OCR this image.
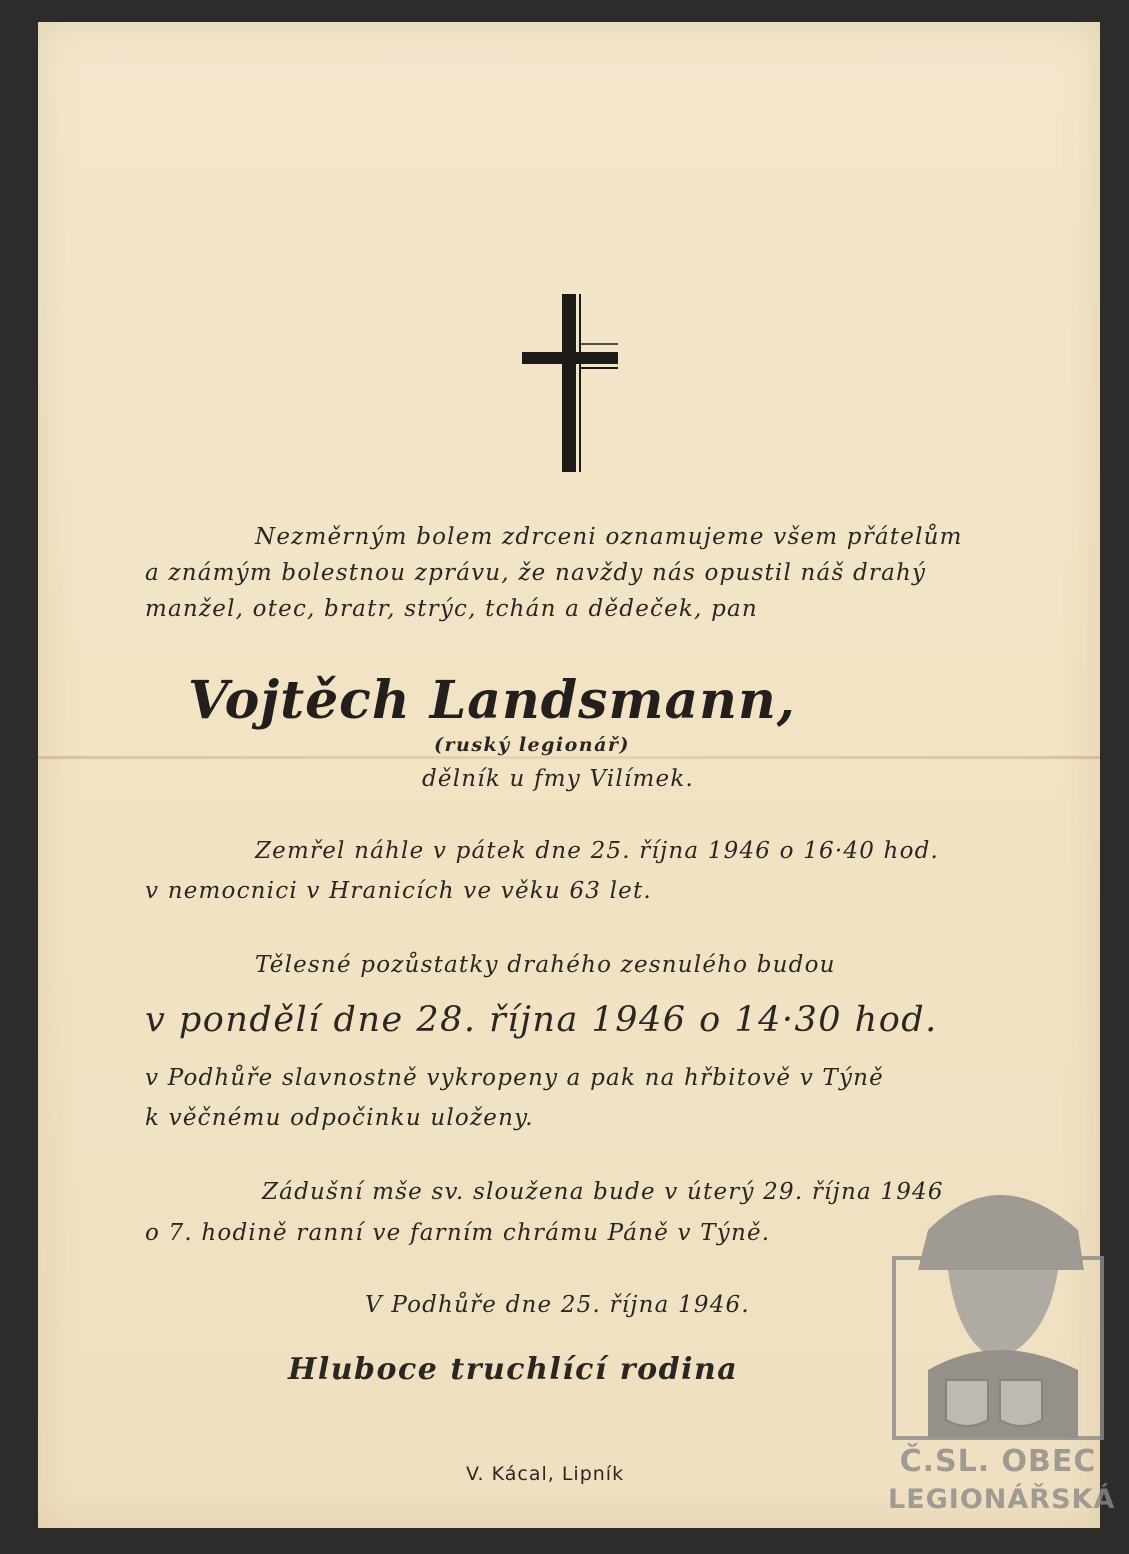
Nezměrným bolem zdrceni oznamujeme všem přátelům
a známým bolestnou zprávu, že navždy nás opustil náš drahý
manžel, otec, bratr, strýc, tchán a dědeček, pan
Vojtěch Landsmann,
(ruský legionář)
dělník u fmy Vilímek.
Zemřel náhle v pátek dne 25. října 1946 o 16·40 hod.
v nemocnici v Hranicích ve věku 63 let.
Tělesné pozůstatky drahého zesnulého budou
v pondělí dne 28. října 1946 o 14·30 hod.
v Podhůře slavnostně vykropeny a pak na hřbitově v Týně
k věčnému odpočinku uloženy.
Zádušní mše sv. sloužena bude v úterý 29. října 1946
o 7. hodině ranní ve farním chrámu Páně v Týně.
V Podhůře dne 25. října 1946.
Hluboce truchlící rodina
V. Kácal, Lipník	Č.SL. OBEC
LEGIONÁŘSKÁ
